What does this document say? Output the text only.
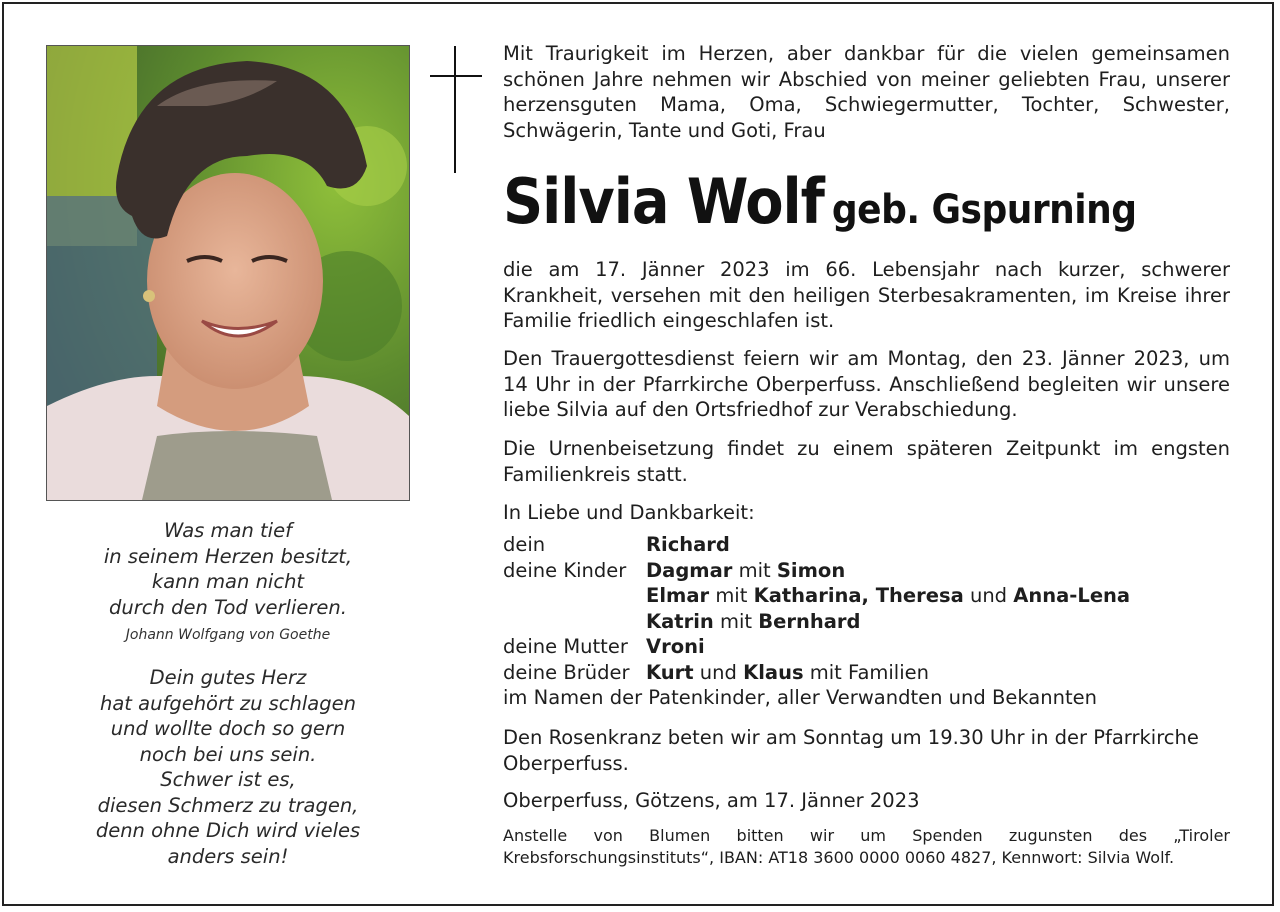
Was man tief
in seinem Herzen besitzt,
kann man nicht
durch den Tod verlieren.
Johann Wolfgang von Goethe
Dein gutes Herz
hat aufgehört zu schlagen
und wollte doch so gern
noch bei uns sein.
Schwer ist es,
diesen Schmerz zu tragen,
denn ohne Dich wird vieles
anders sein!
Mit Traurigkeit im Herzen, aber dankbar für die vielen gemeinsamen schönen Jahre nehmen wir Abschied von meiner geliebten Frau, unserer herzensguten Mama, Oma, Schwiegermutter, Tochter, Schwester, Schwägerin, Tante und Goti, Frau
Silvia Wolf geb. Gspurning
die am 17. Jänner 2023 im 66. Lebensjahr nach kurzer, schwerer Krankheit, versehen mit den heiligen Sterbesakramenten, im Kreise ihrer Familie friedlich eingeschlafen ist.
Den Trauergottesdienst feiern wir am Montag, den 23. Jänner 2023, um 14 Uhr in der Pfarrkirche Oberperfuss. Anschließend begleiten wir unsere liebe Silvia auf den Ortsfriedhof zur Verabschiedung.
Die Urnenbeisetzung findet zu einem späteren Zeitpunkt im engsten Familienkreis statt.
In Liebe und Dankbarkeit:
dein	Richard
deine Kinder	Dagmar mit Simon
Elmar mit Katharina, Theresa und Anna-Lena
Katrin mit Bernhard
deine Mutter Vroni
deine Brüder Kurt und Klaus mit Familien
im Namen der Patenkinder, aller Verwandten und Bekannten
Den Rosenkranz beten wir am Sonntag um 19.30 Uhr in der Pfarrkirche Oberperfuss.
Oberperfuss, Götzens, am 17. Jänner 2023
Anstelle von Blumen bitten wir um Spenden zugunsten des „Tiroler Krebsforschungsinstituts“, IBAN: AT18 3600 0000 0060 4827, Kennwort: Silvia Wolf.
